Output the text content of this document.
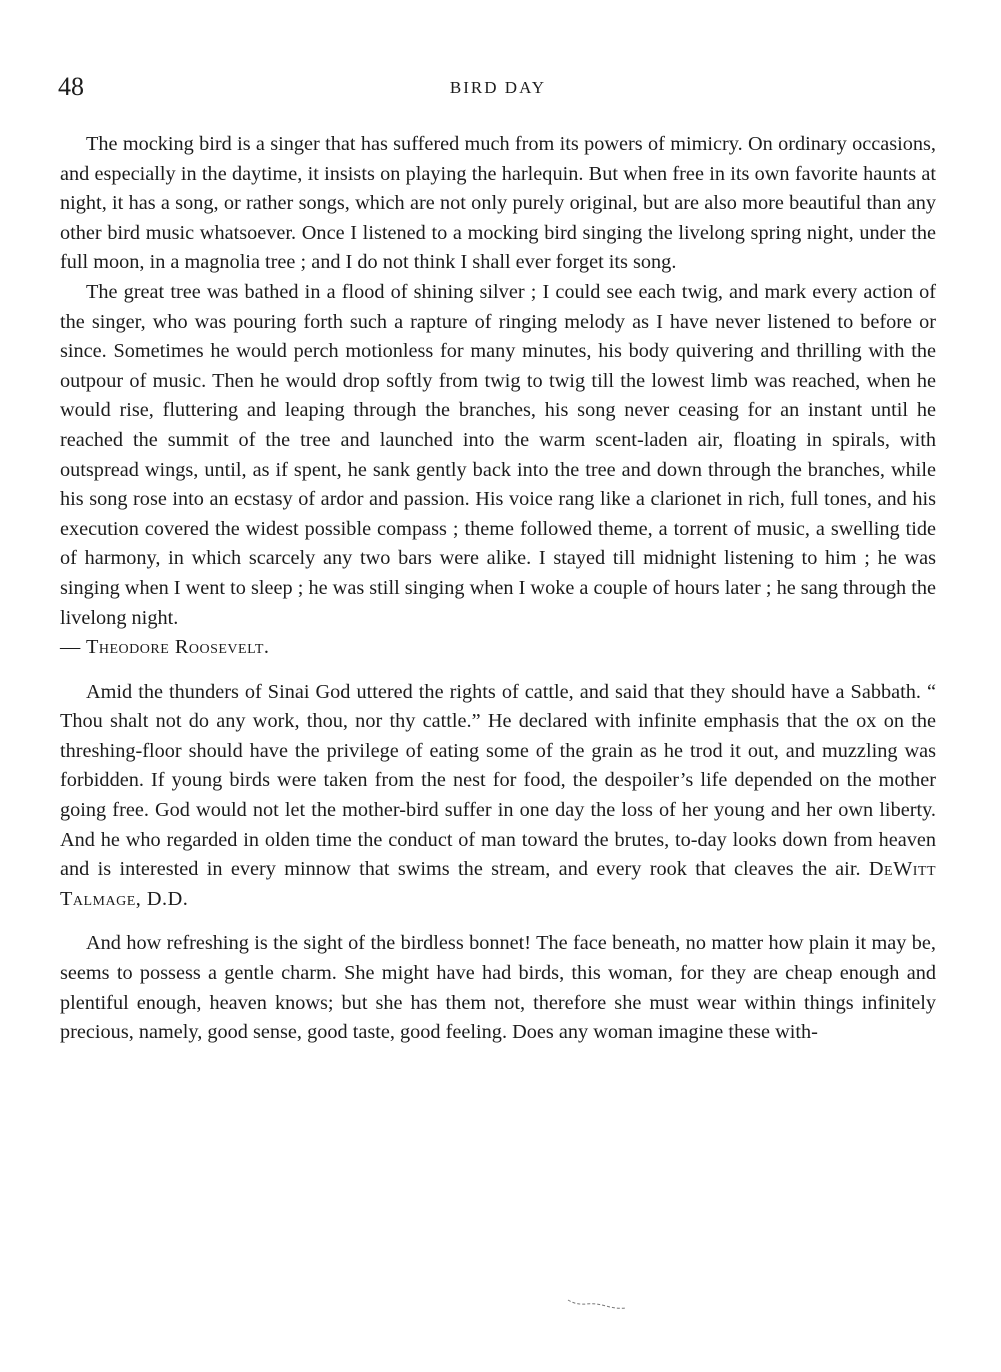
48	BIRD DAY

The mocking bird is a singer that has suffered much from its powers of mimicry. On ordinary occasions, and especially in the daytime, it insists on playing the harlequin. But when free in its own favorite haunts at night, it has a song, or rather songs, which are not only purely original, but are also more beautiful than any other bird music whatsoever. Once I listened to a mocking bird singing the livelong spring night, under the full moon, in a magnolia tree ; and I do not think I shall ever forget its song.

The great tree was bathed in a flood of shining silver ; I could see each twig, and mark every action of the singer, who was pouring forth such a rapture of ringing melody as I have never listened to before or since. Sometimes he would perch motionless for many minutes, his body quivering and thrilling with the outpour of music. Then he would drop softly from twig to twig till the lowest limb was reached, when he would rise, fluttering and leaping through the branches, his song never ceasing for an instant until he reached the summit of the tree and launched into the warm scent-laden air, floating in spirals, with outspread wings, until, as if spent, he sank gently back into the tree and down through the branches, while his song rose into an ecstasy of ardor and passion. His voice rang like a clarionet in rich, full tones, and his execution covered the widest possible compass ; theme followed theme, a torrent of music, a swelling tide of harmony, in which scarcely any two bars were alike. I stayed till midnight listening to him ; he was singing when I went to sleep ; he was still singing when I woke a couple of hours later ; he sang through the livelong night.
— Theodore Roosevelt.

Amid the thunders of Sinai God uttered the rights of cattle, and said that they should have a Sabbath. “ Thou shalt not do any work, thou, nor thy cattle.” He declared with infinite emphasis that the ox on the threshing-floor should have the privilege of eating some of the grain as he trod it out, and muzzling was forbidden. If young birds were taken from the nest for food, the despoiler’s life depended on the mother going free. God would not let the mother-bird suffer in one day the loss of her young and her own liberty. And he who regarded in olden time the conduct of man toward the brutes, to-day looks down from heaven and is interested in every minnow that swims the stream, and every rook that cleaves the air. DeWitt Talmage, D.D.

And how refreshing is the sight of the birdless bonnet! The face beneath, no matter how plain it may be, seems to possess a gentle charm. She might have had birds, this woman, for they are cheap enough and plentiful enough, heaven knows; but she has them not, therefore she must wear within things infinitely precious, namely, good sense, good taste, good feeling. Does any woman imagine these with-
